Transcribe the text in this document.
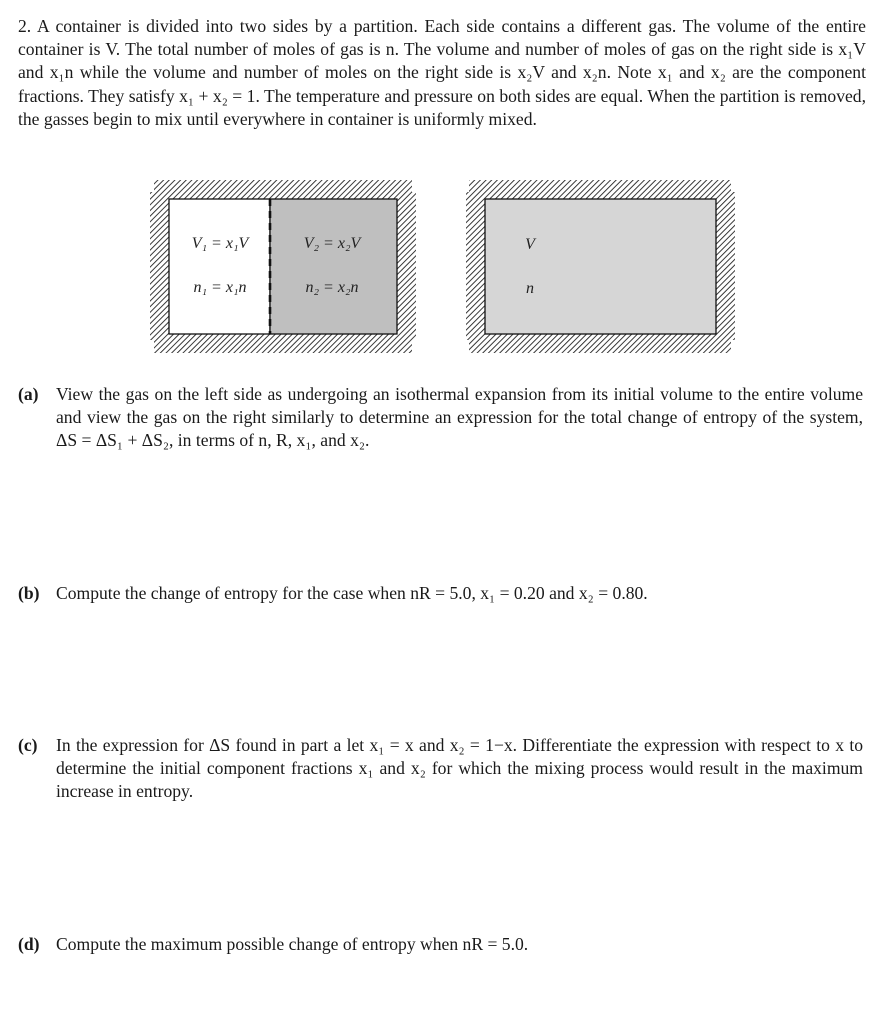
2. A container is divided into two sides by a partition. Each side contains a different gas. The volume of the entire container is V. The total number of moles of gas is n. The volume and number of moles of gas on the right side is x₁V and x₁n while the volume and number of moles on the right side is x₂V and x₂n. Note x₁ and x₂ are the component fractions. They satisfy x₁ + x₂ = 1. The temperature and pressure on both sides are equal. When the partition is removed, the gasses begin to mix until everywhere in container is uniformly mixed.

V₁ = x₁V
n₁ = x₁n
V₂ = x₂V
n₂ = x₂n
V
n
(a) View the gas on the left side as undergoing an isothermal expansion from its initial volume to the entire volume and view the gas on the right similarly to determine an expression for the total change of entropy of the system, ΔS = ΔS₁ + ΔS₂, in terms of n, R, x₁, and x₂.
(b) Compute the change of entropy for the case when nR = 5.0, x₁ = 0.20 and x₂ = 0.80.
(c)	In the expression for ΔS found in part a let x₁ = x and x₂ = 1−x. Differentiate the expression with respect to x to determine the initial component fractions x₁ and x₂ for which the mixing process would result in the maximum increase in entropy.
(d) Compute the maximum possible change of entropy when nR = 5.0.
